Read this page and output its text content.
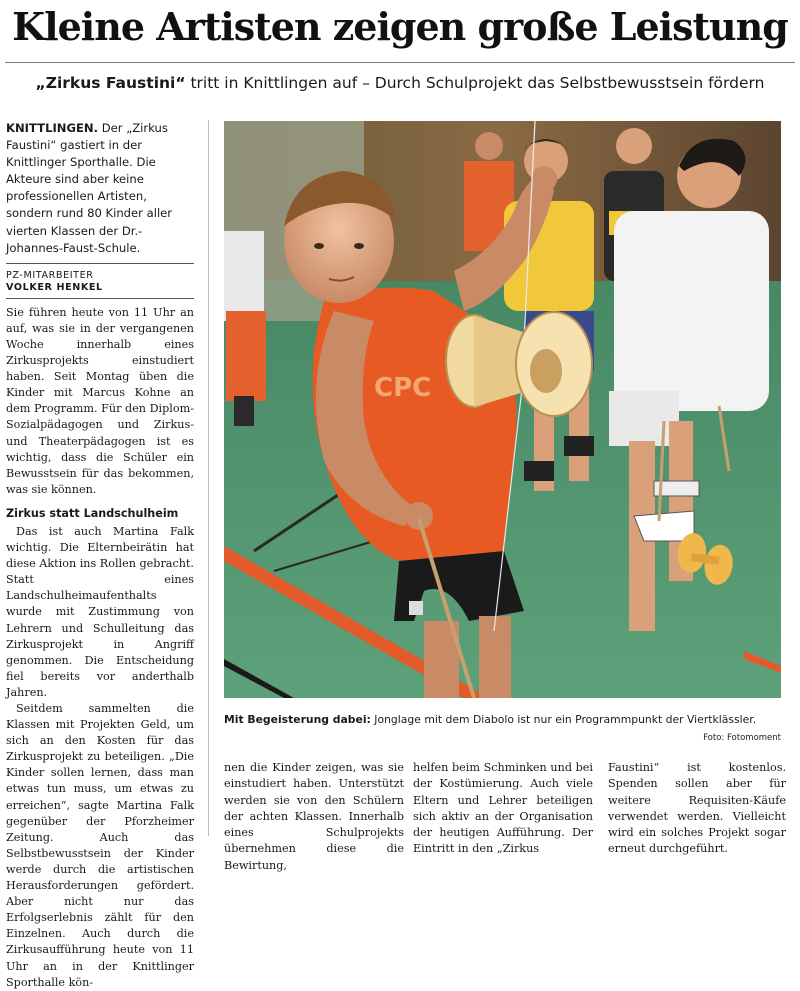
Kleine Artisten zeigen große Leistung
„Zirkus Faustini“ tritt in Knittlingen auf – Durch Schulprojekt das Selbstbewusstsein fördern

KNITTLINGEN. Der „Zirkus Faustini“ gastiert in der Knittlinger Sporthalle. Die Akteure sind aber keine professionellen Artisten, sondern rund 80 Kinder aller vierten Klassen der Dr.-Johannes-Faust-Schule.

PZ-MITARBEITER
VOLKER HENKEL

Sie führen heute von 11 Uhr an auf, was sie in der vergangenen Woche innerhalb eines Zirkusprojekts einstudiert haben. Seit Montag üben die Kinder mit Marcus Kohne an dem Programm. Für den Diplom-Sozialpädagogen und Zirkus- und Theaterpädagogen ist es wichtig, dass die Schüler ein Bewusstsein für das bekommen, was sie können.

Zirkus statt Landschulheim

Das ist auch Martina Falk wichtig. Die Elternbeirätin hat diese Aktion ins Rollen gebracht. Statt eines Landschulheimaufenthalts wurde mit Zustimmung von Lehrern und Schulleitung das Zirkusprojekt in Angriff genommen. Die Entscheidung fiel bereits vor anderthalb Jahren.

Seitdem sammelten die Klassen mit Projekten Geld, um sich an den Kosten für das Zirkusprojekt zu beteiligen. „Die Kinder sollen lernen, dass man etwas tun muss, um etwas zu erreichen“, sagte Martina Falk gegenüber der Pforzheimer Zeitung. Auch das Selbstbewusstsein der Kinder werde durch die artistischen Herausforderungen gefördert. Aber nicht nur das Erfolgserlebnis zählt für den Einzelnen. Auch durch die Zirkusaufführung heute von 11 Uhr an in der Knittlinger Sporthalle kön-

CPC
Mit Begeisterung dabei: Jonglage mit dem Diabolo ist nur ein Programmpunkt der Viertklässler.
Foto: Fotomoment

nen die Kinder zeigen, was sie einstudiert haben. Unterstützt werden sie von den Schülern der achten Klassen. Innerhalb eines Schulprojekts übernehmen diese die Bewirtung,

helfen beim Schminken und bei der Kostümierung. Auch viele Eltern und Lehrer beteiligen sich aktiv an der Organisation der heutigen Aufführung. Der Eintritt in den „Zirkus

Faustini“ ist kostenlos. Spenden sollen aber für weitere Requisiten-Käufe verwendet werden. Vielleicht wird ein solches Projekt sogar erneut durchgeführt.
